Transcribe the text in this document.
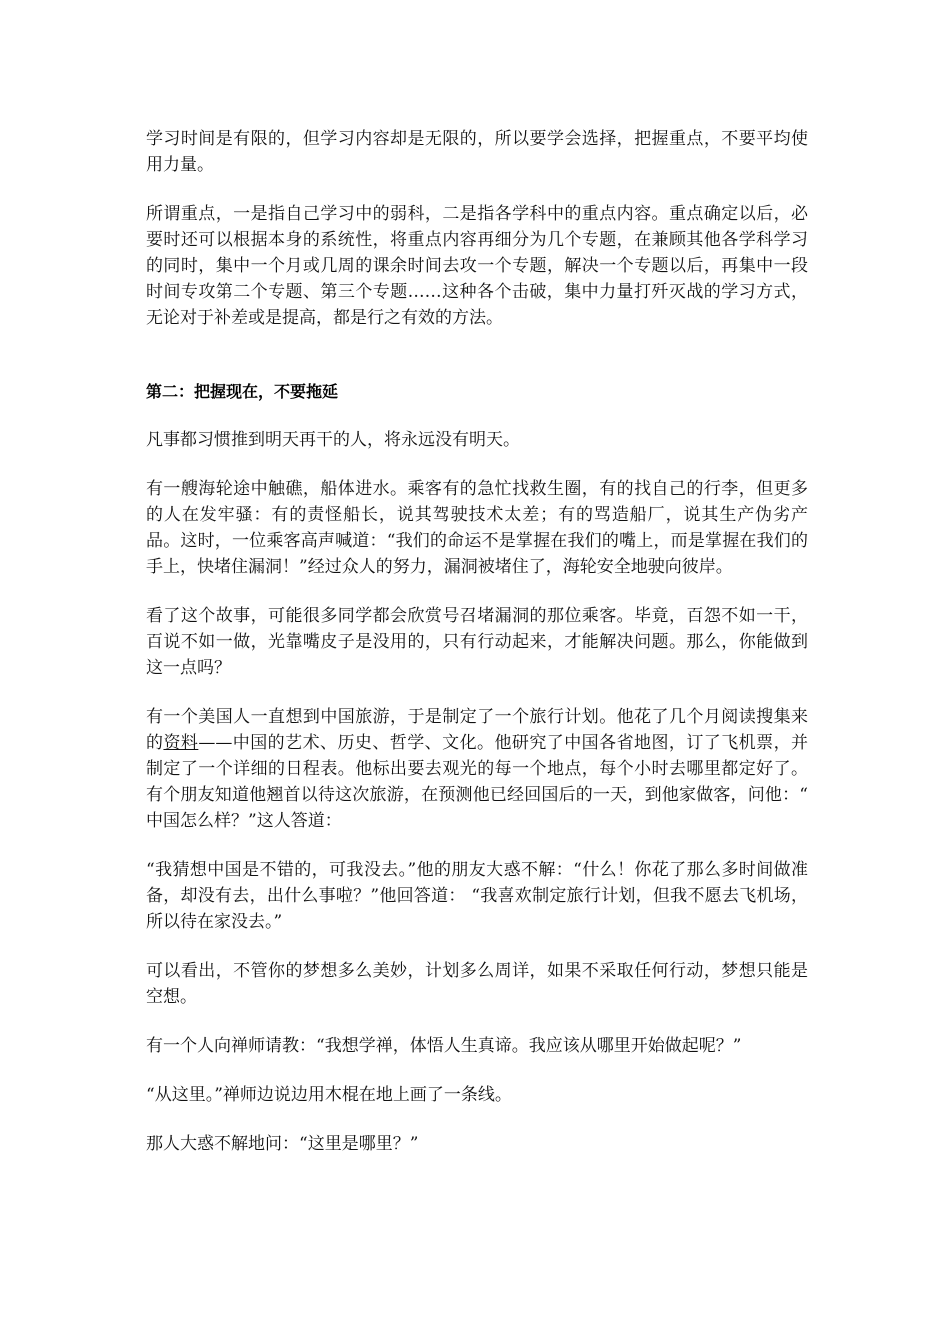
学习时间是有限的，但学习内容却是无限的，所以要学会选择，把握重点，不要平均使用力量。

所谓重点，一是指自己学习中的弱科，二是指各学科中的重点内容。重点确定以后，必要时还可以根据本身的系统性，将重点内容再细分为几个专题，在兼顾其他各学科学习的同时，集中一个月或几周的课余时间去攻一个专题，解决一个专题以后，再集中一段时间专攻第二个专题、第三个专题……这种各个击破，集中力量打歼灭战的学习方式，无论对于补差或是提高，都是行之有效的方法。

第二：把握现在，不要拖延

凡事都习惯推到明天再干的人，将永远没有明天。

有一艘海轮途中触礁，船体进水。乘客有的急忙找救生圈，有的找自己的行李，但更多的人在发牢骚：有的责怪船长，说其驾驶技术太差；有的骂造船厂，说其生产伪劣产品。这时，一位乘客高声喊道：“我们的命运不是掌握在我们的嘴上，而是掌握在我们的手上，快堵住漏洞！”经过众人的努力，漏洞被堵住了，海轮安全地驶向彼岸。

看了这个故事，可能很多同学都会欣赏号召堵漏洞的那位乘客。毕竟，百怨不如一干，百说不如一做，光靠嘴皮子是没用的，只有行动起来，才能解决问题。那么，你能做到这一点吗？

有一个美国人一直想到中国旅游，于是制定了一个旅行计划。他花了几个月阅读搜集来的资料——中国的艺术、历史、哲学、文化。他研究了中国各省地图，订了飞机票，并制定了一个详细的日程表。他标出要去观光的每一个地点，每个小时去哪里都定好了。有个朋友知道他翘首以待这次旅游，在预测他已经回国后的一天，到他家做客，问他：“ 中国怎么样？”这人答道：

“我猜想中国是不错的，可我没去。”他的朋友大惑不解：“什么！你花了那么多时间做准备，却没有去，出什么事啦？”他回答道： “我喜欢制定旅行计划，但我不愿去飞机场，所以待在家没去。”

可以看出，不管你的梦想多么美妙，计划多么周详，如果不采取任何行动，梦想只能是空想。

有一个人向禅师请教：“我想学禅，体悟人生真谛。我应该从哪里开始做起呢？”

“从这里。”禅师边说边用木棍在地上画了一条线。

那人大惑不解地问：“这里是哪里？”
